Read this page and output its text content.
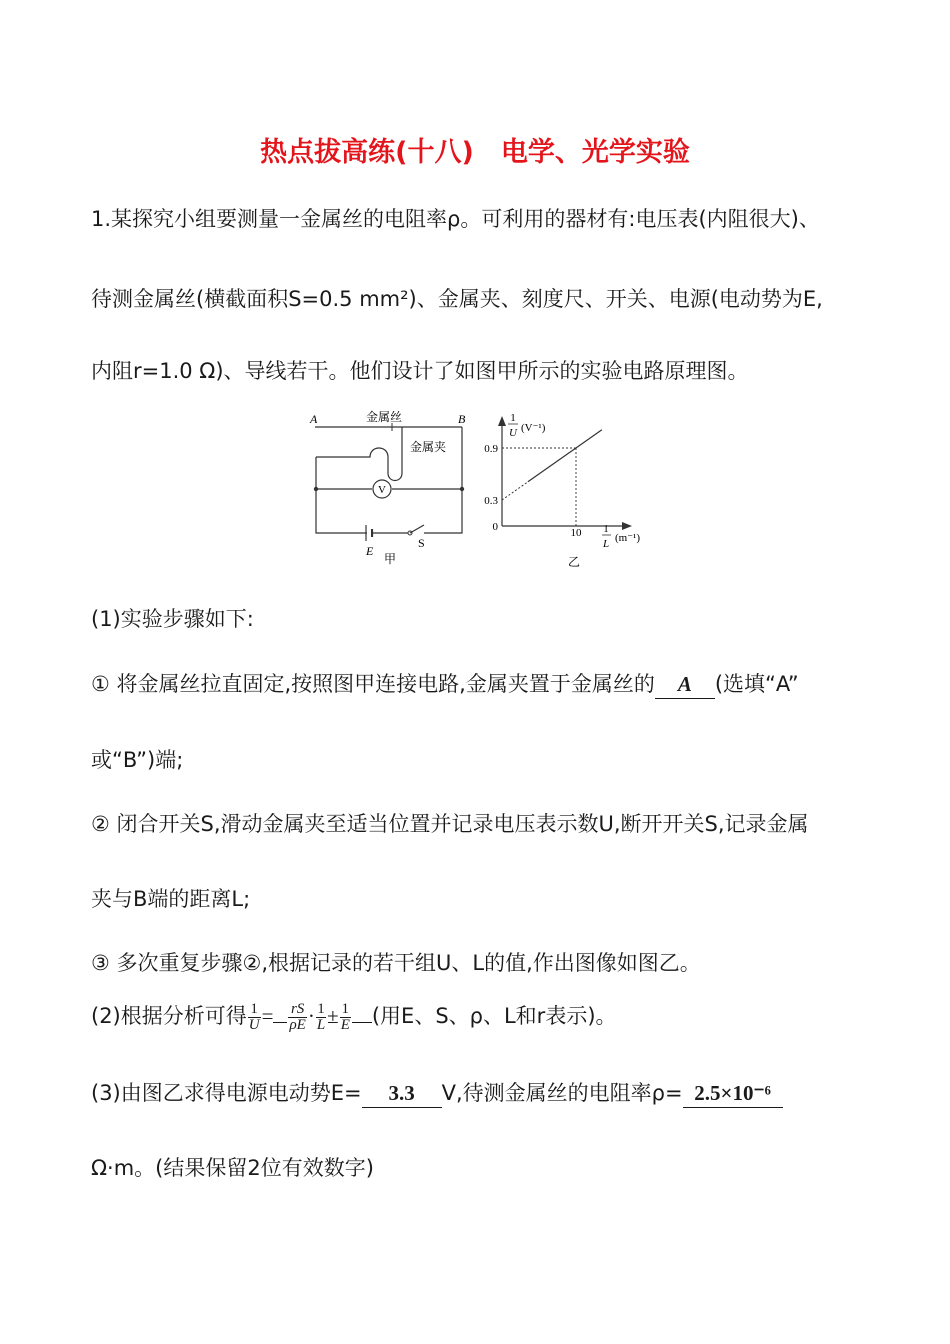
热点拔高练(十八)　电学、光学实验
1.某探究小组要测量一金属丝的电阻率ρ。可利用的器材有:电压表(内阻很大)、
待测金属丝(横截面积S=0.5 mm²)、金属夹、刻度尺、开关、电源(电动势为E,
内阻r=1.0 Ω)、导线若干。他们设计了如图甲所示的实验电路原理图。
A	B
金属丝
金属夹
V
E
S
甲
1
U (V⁻¹)
1
L (m⁻¹)
0.9
0.3
0	10
乙
(1)实验步骤如下:
① 将金属丝拉直固定,按照图甲连接电路,金属夹置于金属丝的 A (选填“A”
或“B”)端;
② 闭合开关S,滑动金属夹至适当位置并记录电压表示数U,断开开关S,记录金属
夹与B端的距离L;
③ 多次重复步骤②,根据记录的若干组U、L的值,作出图像如图乙。
(2)根据分析可得 $\frac{1}{U} = \frac{rS}{\rho E} \cdot \frac{1}{L} \pm \frac{1}{E}$ (用E、S、ρ、L和r表示)。
(3)由图乙求得电源电动势E= 3.3 V,待测金属丝的电阻率ρ= 2.5×10⁻⁶
Ω·m。(结果保留2位有效数字)
